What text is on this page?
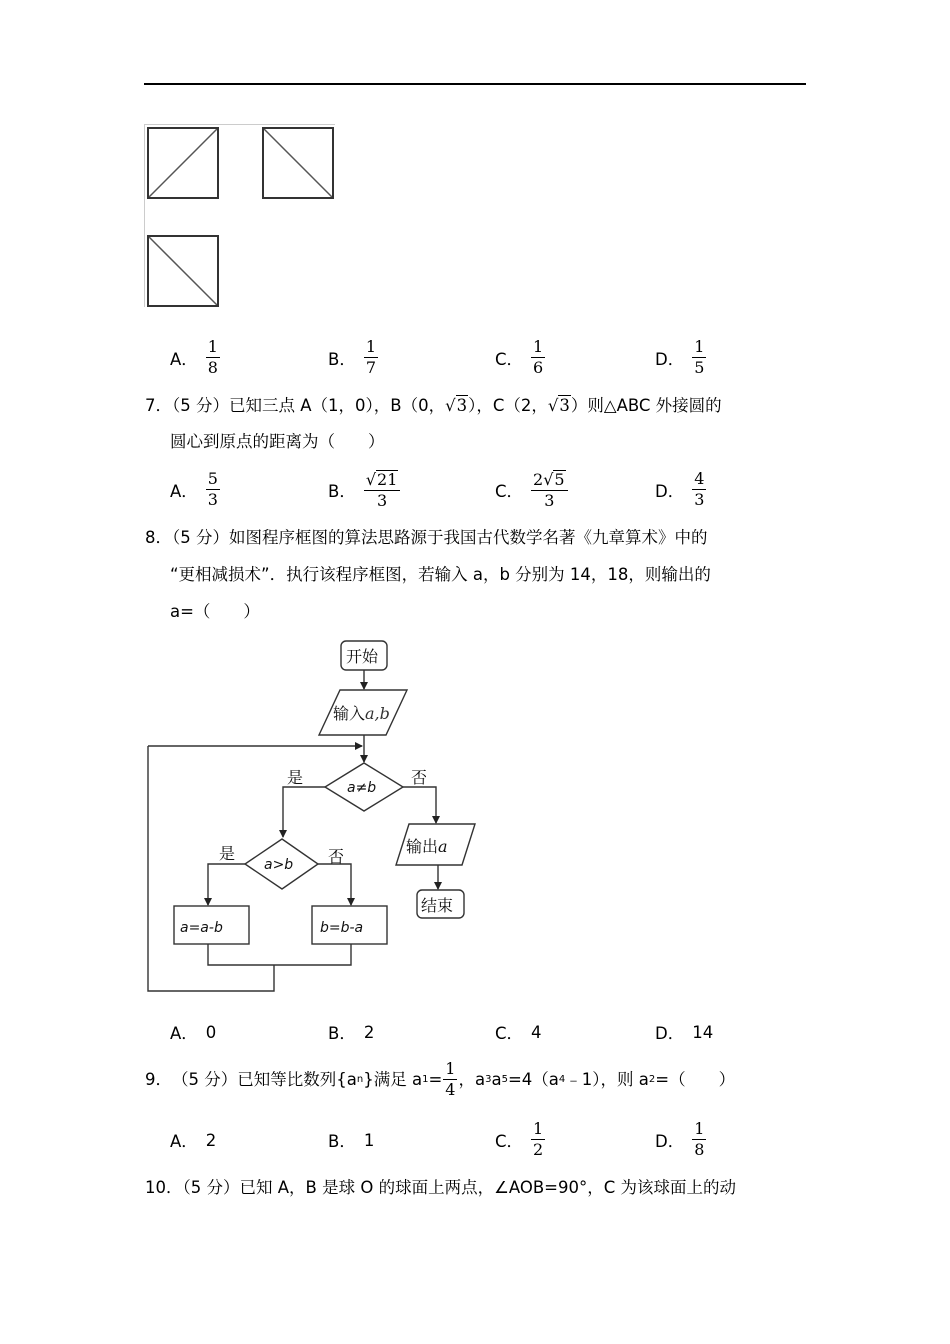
A． $\frac{1}{8}$	B． $\frac{1}{7}$	C． $\frac{1}{6}$	D． $\frac{1}{5}$
7．（5 分）已知三点 A（1，0），B（0，√ 3 ），C（2，√ 3 ）则△ABC 外接圆的
圆心到原点的距离为（　　）
A． $\frac{5}{3}$	B． $\frac{√ 21}{3}$	C． $\frac{2√ 5}{3}$	D． $\frac{4}{3}$
8．（5 分）如图程序框图的算法思路源于我国古代数学名著《九章算术》中的
“更相减损术”．执行该程序框图，若输入 a，b 分别为 14，18，则输出的
a=（　　）
开始
输入a,b
a≠b
是	否
输出a
结束
a>b
是	否
a=a-b	b=b-a
A． 0	B． 2	C． 4	D． 14
9． （5 分）已知等比数列{a n }满足 a $1 = \frac{1}{4}$ ，a 3 a 5 =4（a 4 ﹣1），则 a 2 =（　　）
A． 2	B． 1	C． $\frac{1}{2}$	D． $\frac{1}{8}$
10．（5 分）已知 A，B 是球 O 的球面上两点，∠AOB=90°，C 为该球面上的动
